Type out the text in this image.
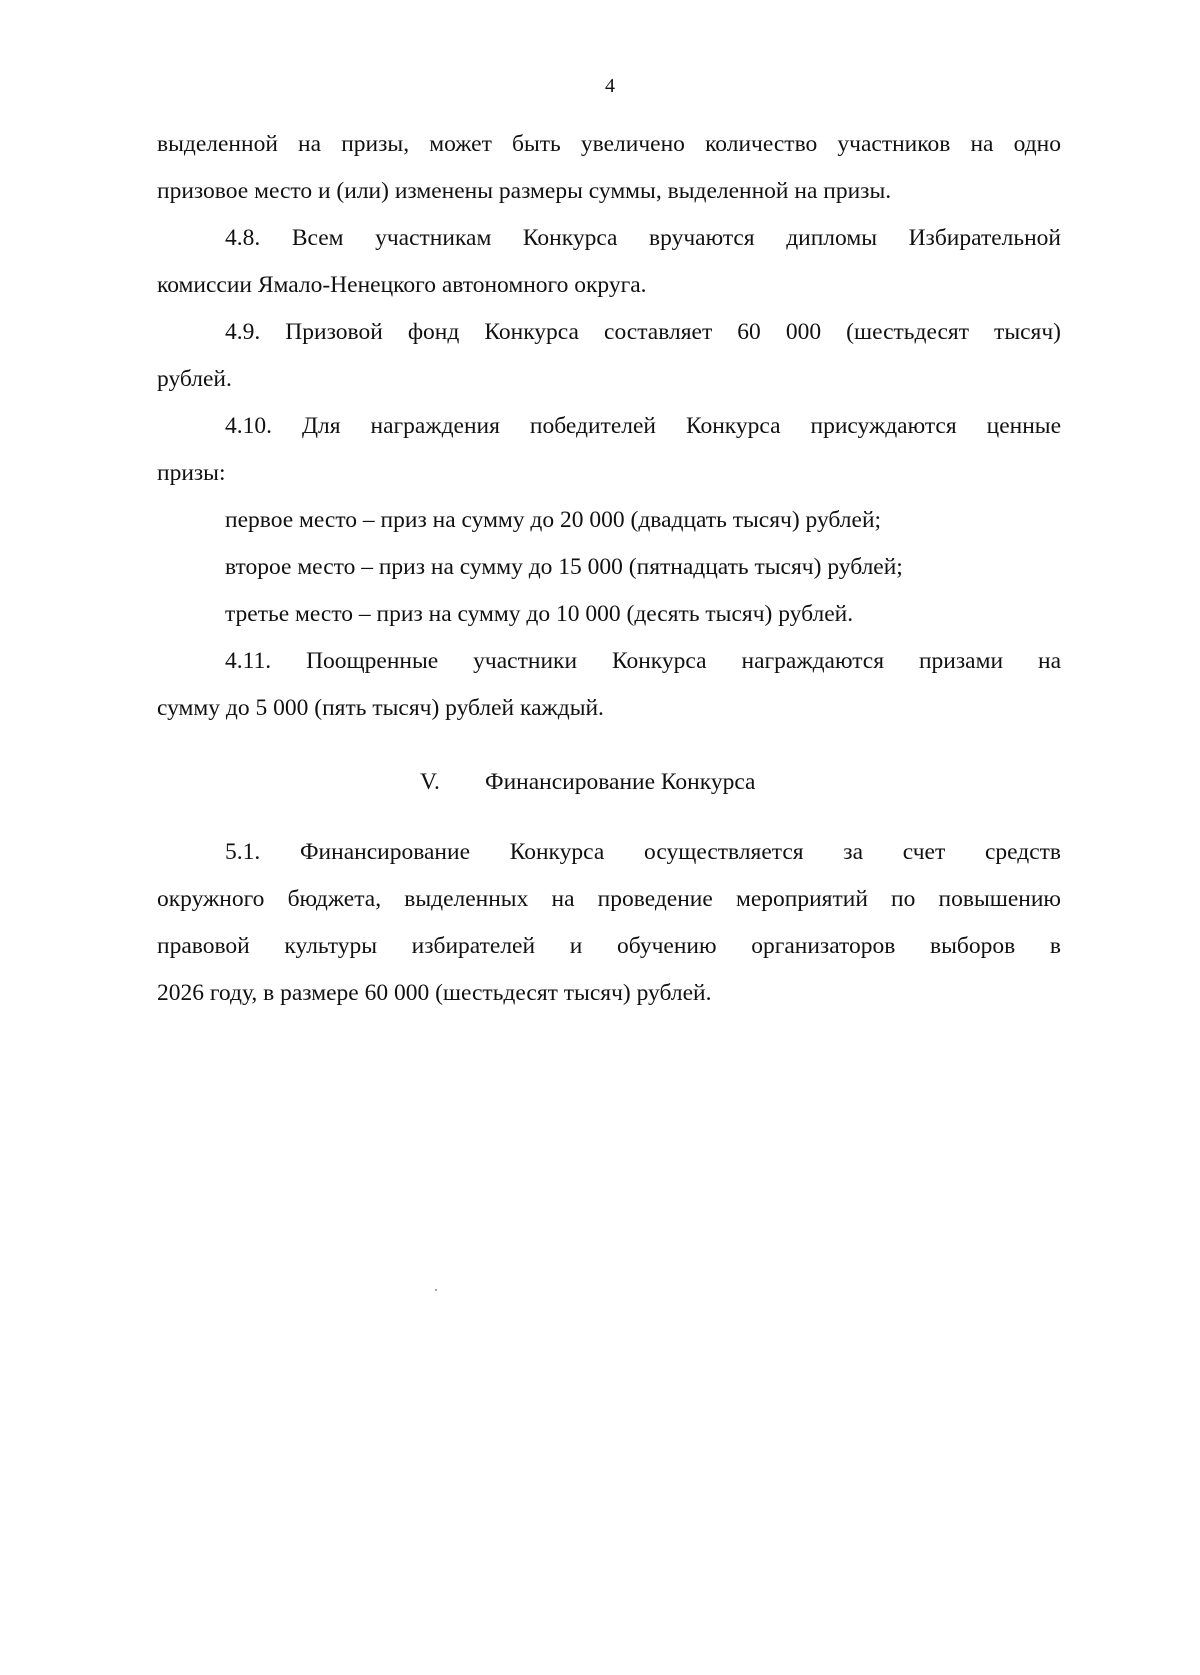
4
выделенной на призы, может быть увеличено количество участников на одно
призовое место и (или) изменены размеры суммы, выделенной на призы.
4.8. Всем участникам Конкурса вручаются дипломы Избирательной
комиссии Ямало-Ненецкого автономного округа.
4.9. Призовой фонд Конкурса составляет 60 000 (шестьдесят тысяч)
рублей.
4.10. Для награждения победителей Конкурса присуждаются ценные
призы:
первое место – приз на сумму до 20 000 (двадцать тысяч) рублей;
второе место – приз на сумму до 15 000 (пятнадцать тысяч) рублей;
третье место – приз на сумму до 10 000 (десять тысяч) рублей.
4.11. Поощренные участники Конкурса награждаются призами на
сумму до 5 000 (пять тысяч) рублей каждый.
V. Финансирование Конкурса
5.1. Финансирование Конкурса осуществляется за счет средств
окружного бюджета, выделенных на проведение мероприятий по повышению
правовой культуры избирателей и обучению организаторов выборов в
2026 году, в размере 60 000 (шестьдесят тысяч) рублей.
